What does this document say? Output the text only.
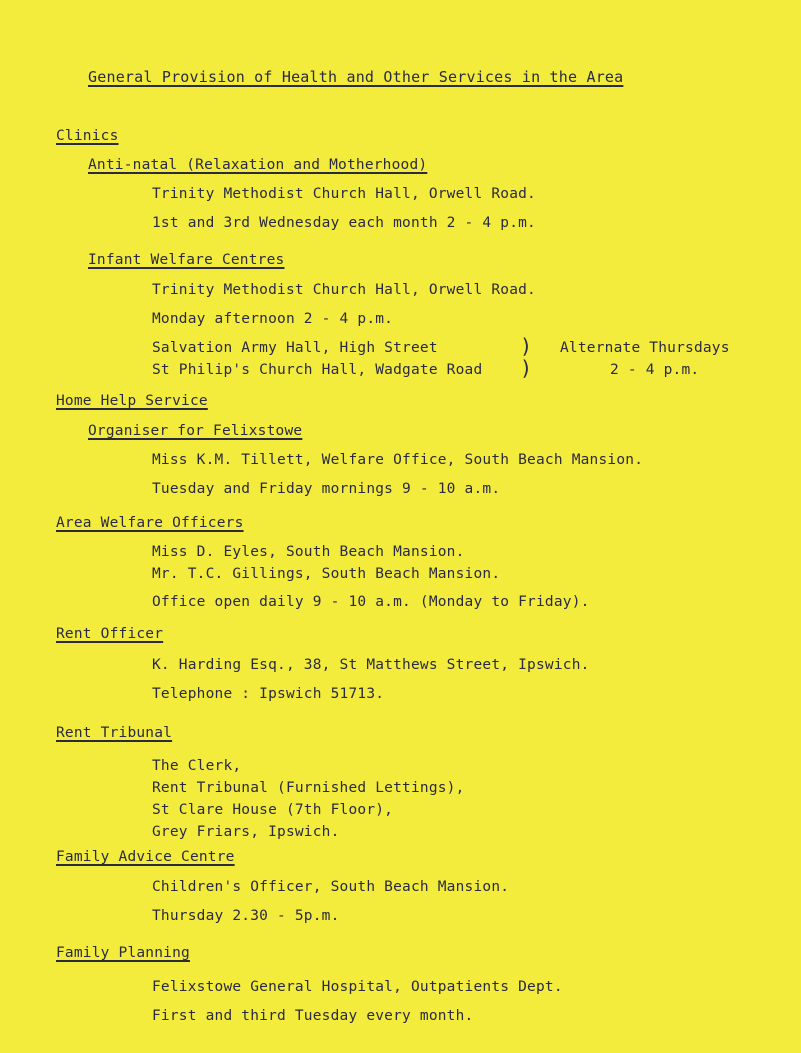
General Provision of Health and Other Services in the Area
Clinics
Anti-natal (Relaxation and Motherhood)
Trinity Methodist Church Hall, Orwell Road.
1st and 3rd Wednesday each month 2 - 4 p.m.
Infant Welfare Centres
Trinity Methodist Church Hall, Orwell Road.
Monday afternoon 2 - 4 p.m.
Salvation Army Hall, High Street
St Philip's Church Hall, Wadgate Road
)
)
Alternate Thursdays
2 - 4 p.m.
Home Help Service
Organiser for Felixstowe
Miss K.M. Tillett, Welfare Office, South Beach Mansion.
Tuesday and Friday mornings 9 - 10 a.m.
Area Welfare Officers
Miss D. Eyles, South Beach Mansion.
Mr. T.C. Gillings, South Beach Mansion.
Office open daily 9 - 10 a.m. (Monday to Friday).
Rent Officer
K. Harding Esq., 38, St Matthews Street, Ipswich.
Telephone : Ipswich 51713.
Rent Tribunal
The Clerk,
Rent Tribunal (Furnished Lettings),
St Clare House (7th Floor),
Grey Friars, Ipswich.
Family Advice Centre
Children's Officer, South Beach Mansion.
Thursday 2.30 - 5p.m.
Family Planning
Felixstowe General Hospital, Outpatients Dept.
First and third Tuesday every month.
